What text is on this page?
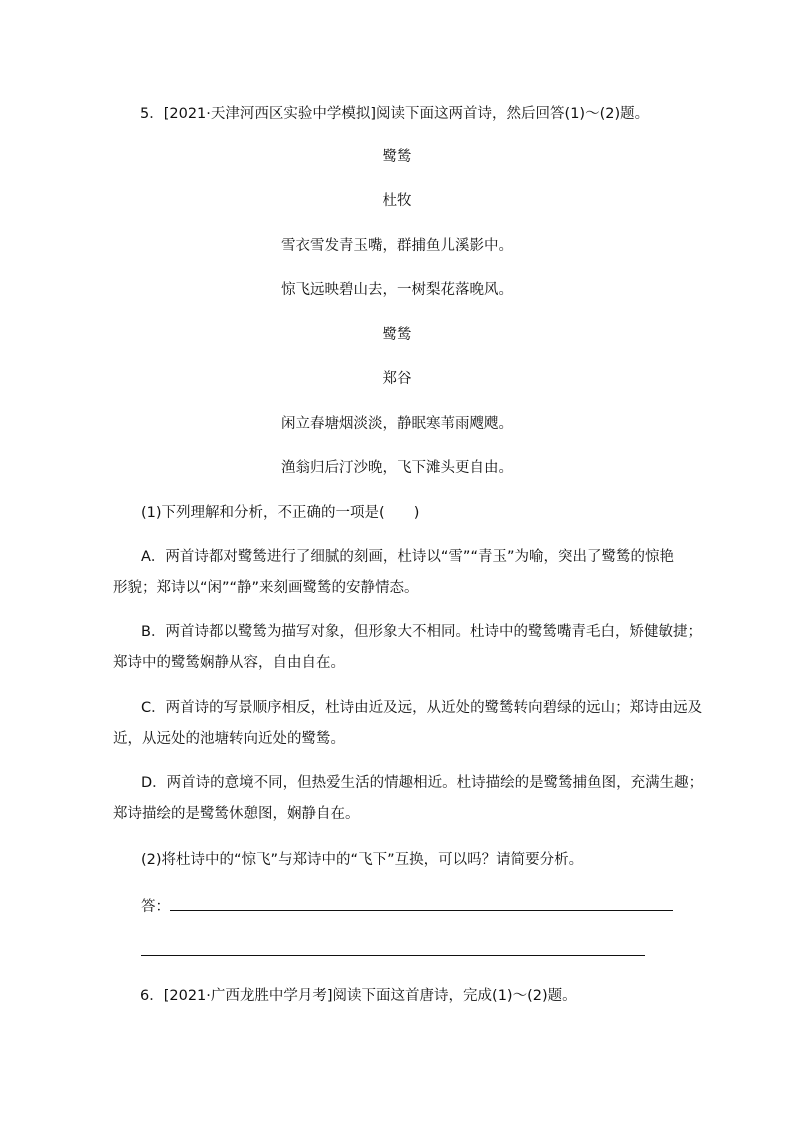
5．[2021·天津河西区实验中学模拟]阅读下面这两首诗，然后回答(1)～(2)题。
鹭鸶
杜牧
雪衣雪发青玉嘴，群捕鱼儿溪影中。
惊飞远映碧山去，一树梨花落晚风。
鹭鸶
郑谷
闲立春塘烟淡淡，静眠寒苇雨飕飕。
渔翁归后汀沙晚，飞下滩头更自由。
(1)下列理解和分析，不正确的一项是(　　)
A．两首诗都对鹭鸶进行了细腻的刻画，杜诗以“雪”“青玉”为喻，突出了鹭鸶的惊艳
形貌；郑诗以“闲”“静”来刻画鹭鸶的安静情态。
B．两首诗都以鹭鸶为描写对象，但形象大不相同。杜诗中的鹭鸶嘴青毛白，矫健敏捷；
郑诗中的鹭鸶娴静从容，自由自在。
C．两首诗的写景顺序相反，杜诗由近及远，从近处的鹭鸶转向碧绿的远山；郑诗由远及
近，从远处的池塘转向近处的鹭鸶。
D．两首诗的意境不同，但热爱生活的情趣相近。杜诗描绘的是鹭鸶捕鱼图，充满生趣；
郑诗描绘的是鹭鸶休憩图，娴静自在。
(2)将杜诗中的“惊飞”与郑诗中的“飞下”互换，可以吗？请简要分析。
答：
6．[2021·广西龙胜中学月考]阅读下面这首唐诗，完成(1)～(2)题。
